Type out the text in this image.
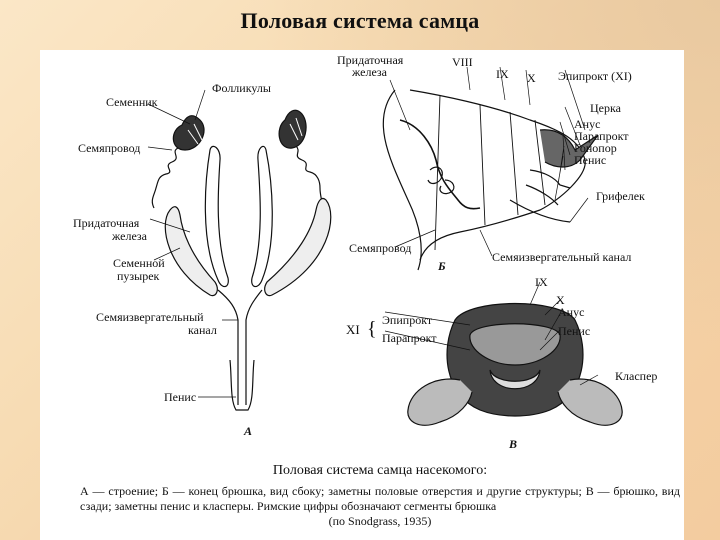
Половая система самца
Фолликулы
Семенник
Семяпровод
Придаточная
железа
Семенной
пузырек
Семяизвергательный
канал
Пенис
А
Придаточная
железа
VIII
IX X Эпипрокт (XI)
Церка
Анус
Парапрокт
Гонопор
Пенис
Грифелек
Семяпровод
Б
Семяизвергательный канал
IX
X
Анус
Пенис
XI { Эпипрокт
Парапрокт
Класпер
В
Половая система самца насекомого:
А — строение; Б — конец брюшка, вид сбоку; заметны половые отверстия и другие структуры; В — брюшко, вид сзади; заметны пенис и класперы. Римские цифры обозначают сегменты брюшка
(по Snodgrass, 1935)
